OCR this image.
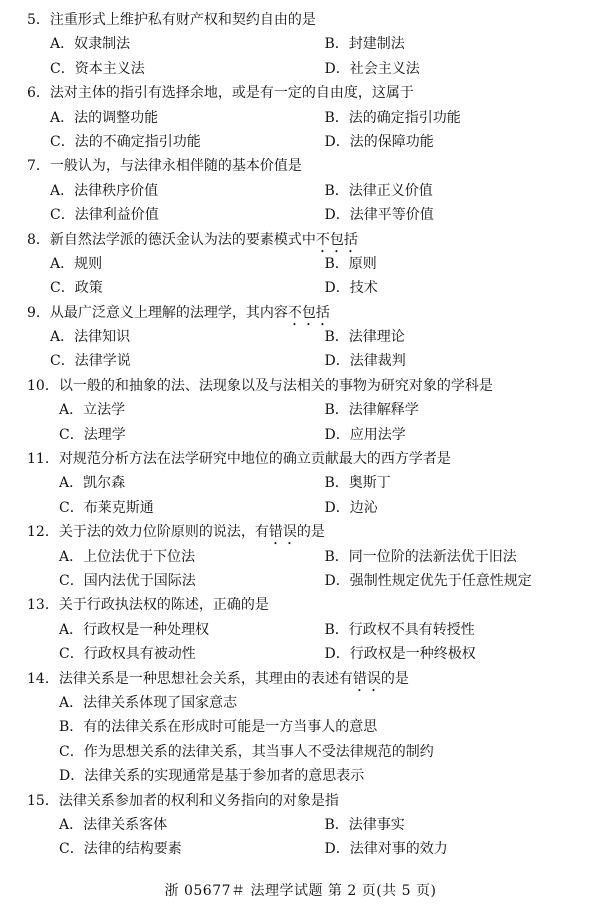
5．注重形式上维护私有财产权和契约自由的是
A．奴隶制法	B．封建制法
C．资本主义法	D．社会主义法
6．法对主体的指引有选择余地，或是有一定的自由度，这属于
A．法的调整功能	B．法的确定指引功能
C．法的不确定指引功能	D．法的保障功能
7．一般认为，与法律永相伴随的基本价值是
A．法律秩序价值	B．法律正义价值
C．法律利益价值	D．法律平等价值
8．新自然法学派的德沃金认为法的要素模式中不包括
A．规则	B．原则
C．政策	D．技术
9．从最广泛意义上理解的法理学，其内容不包括
A．法律知识	B．法律理论
C．法律学说	D．法律裁判
10．以一般的和抽象的法、法现象以及与法相关的事物为研究对象的学科是
A．立法学	B．法律解释学
C．法理学	D．应用法学
11．对规范分析方法在法学研究中地位的确立贡献最大的西方学者是
A．凯尔森	B．奥斯丁
C．布莱克斯通	D．边沁
12．关于法的效力位阶原则的说法，有错误的是
A．上位法优于下位法	B．同一位阶的法新法优于旧法
C．国内法优于国际法	D．强制性规定优先于任意性规定
13．关于行政执法权的陈述，正确的是
A．行政权是一种处理权	B．行政权不具有转授性
C．行政权具有被动性	D．行政权是一种终极权
14．法律关系是一种思想社会关系，其理由的表述有错误的是
A．法律关系体现了国家意志
B．有的法律关系在形成时可能是一方当事人的意思
C．作为思想关系的法律关系，其当事人不受法律规范的制约
D．法律关系的实现通常是基于参加者的意思表示
15．法律关系参加者的权利和义务指向的对象是指
A．法律关系客体	B．法律事实
C．法律的结构要素	D．法律对事的效力
浙 05677＃ 法理学试题 第 2 页(共 5 页)
